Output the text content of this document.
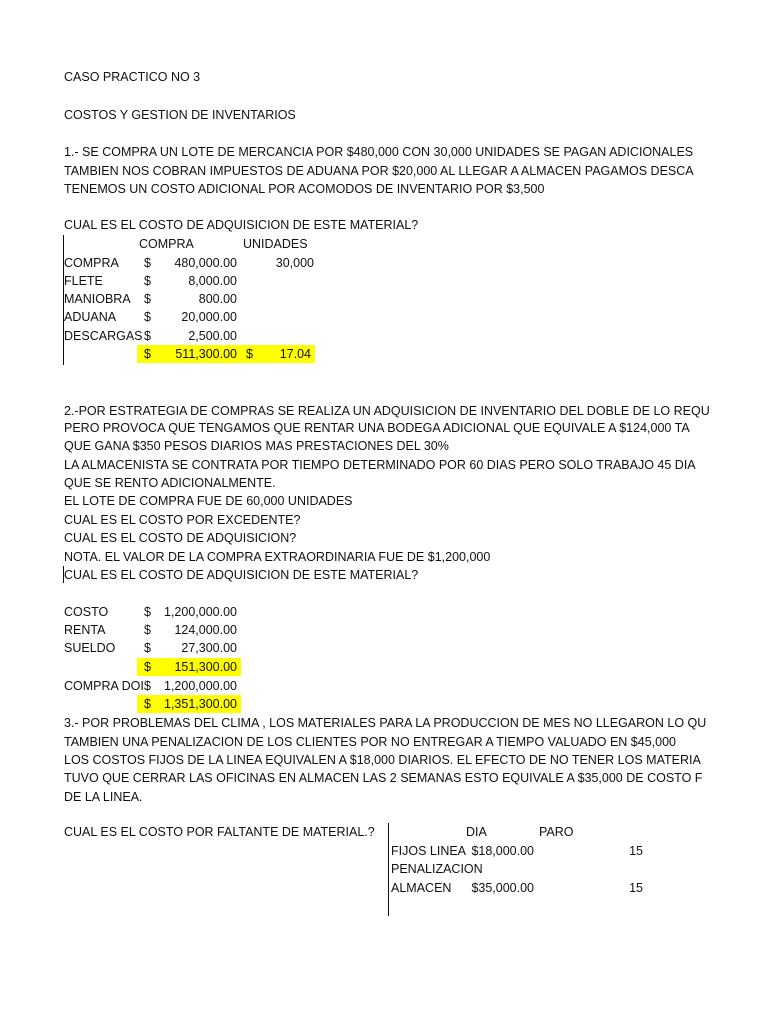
CASO PRACTICO NO 3
COSTOS Y GESTION DE INVENTARIOS
1.- SE COMPRA UN LOTE DE MERCANCIA POR $480,000 CON 30,000 UNIDADES SE PAGAN ADICIONALES
TAMBIEN NOS COBRAN IMPUESTOS DE ADUANA POR $20,000 AL LLEGAR A ALMACEN PAGAMOS DESCA
TENEMOS UN COSTO ADICIONAL POR ACOMODOS DE INVENTARIO POR $3,500
CUAL ES EL COSTO DE ADQUISICION DE ESTE MATERIAL?
COMPRA	UNIDADES
COMPRA $	480,000.00	30,000
FLETE	$	8,000.00
MANIOBRA $	800.00
ADUANA $	20,000.00
DESCARGAS $	2,500.00
$	511,300.00 $	17.04
2.-POR ESTRATEGIA DE COMPRAS SE REALIZA UN ADQUISICION DE INVENTARIO DEL DOBLE DE LO REQU
PERO PROVOCA QUE TENGAMOS QUE RENTAR UNA BODEGA ADICIONAL QUE EQUIVALE A $124,000 TA
QUE GANA $350 PESOS DIARIOS MAS PRESTACIONES DEL 30%
LA ALMACENISTA SE CONTRATA POR TIEMPO DETERMINADO POR 60 DIAS PERO SOLO TRABAJO 45 DIA
QUE SE RENTO ADICIONALMENTE.
EL LOTE DE COMPRA FUE DE 60,000 UNIDADES
CUAL ES EL COSTO POR EXCEDENTE?
CUAL ES EL COSTO DE ADQUISICION?
NOTA. EL VALOR DE LA COMPRA EXTRAORDINARIA FUE DE $1,200,000
CUAL ES EL COSTO DE ADQUISICION DE ESTE MATERIAL?
COSTO	$	1,200,000.00
RENTA	$	124,000.00
SUELDO $	27,300.00
$	151,300.00
COMPRA DOI $	1,200,000.00
$	1,351,300.00
3.- POR PROBLEMAS DEL CLIMA , LOS MATERIALES PARA LA PRODUCCION DE MES NO LLEGARON LO QU
TAMBIEN UNA PENALIZACION DE LOS CLIENTES POR NO ENTREGAR A TIEMPO VALUADO EN $45,000
LOS COSTOS FIJOS DE LA LINEA EQUIVALEN A $18,000 DIARIOS. EL EFECTO DE NO TENER LOS MATERIA
TUVO QUE CERRAR LAS OFICINAS EN ALMACEN LAS 2 SEMANAS ESTO EQUIVALE A $35,000 DE COSTO F
DE LA LINEA.
CUAL ES EL COSTO POR FALTANTE DE MATERIAL.?	DIA	PARO
FIJOS LINEA $18,000.00	15
PENALIZACION
ALMACEN	$35,000.00	15
